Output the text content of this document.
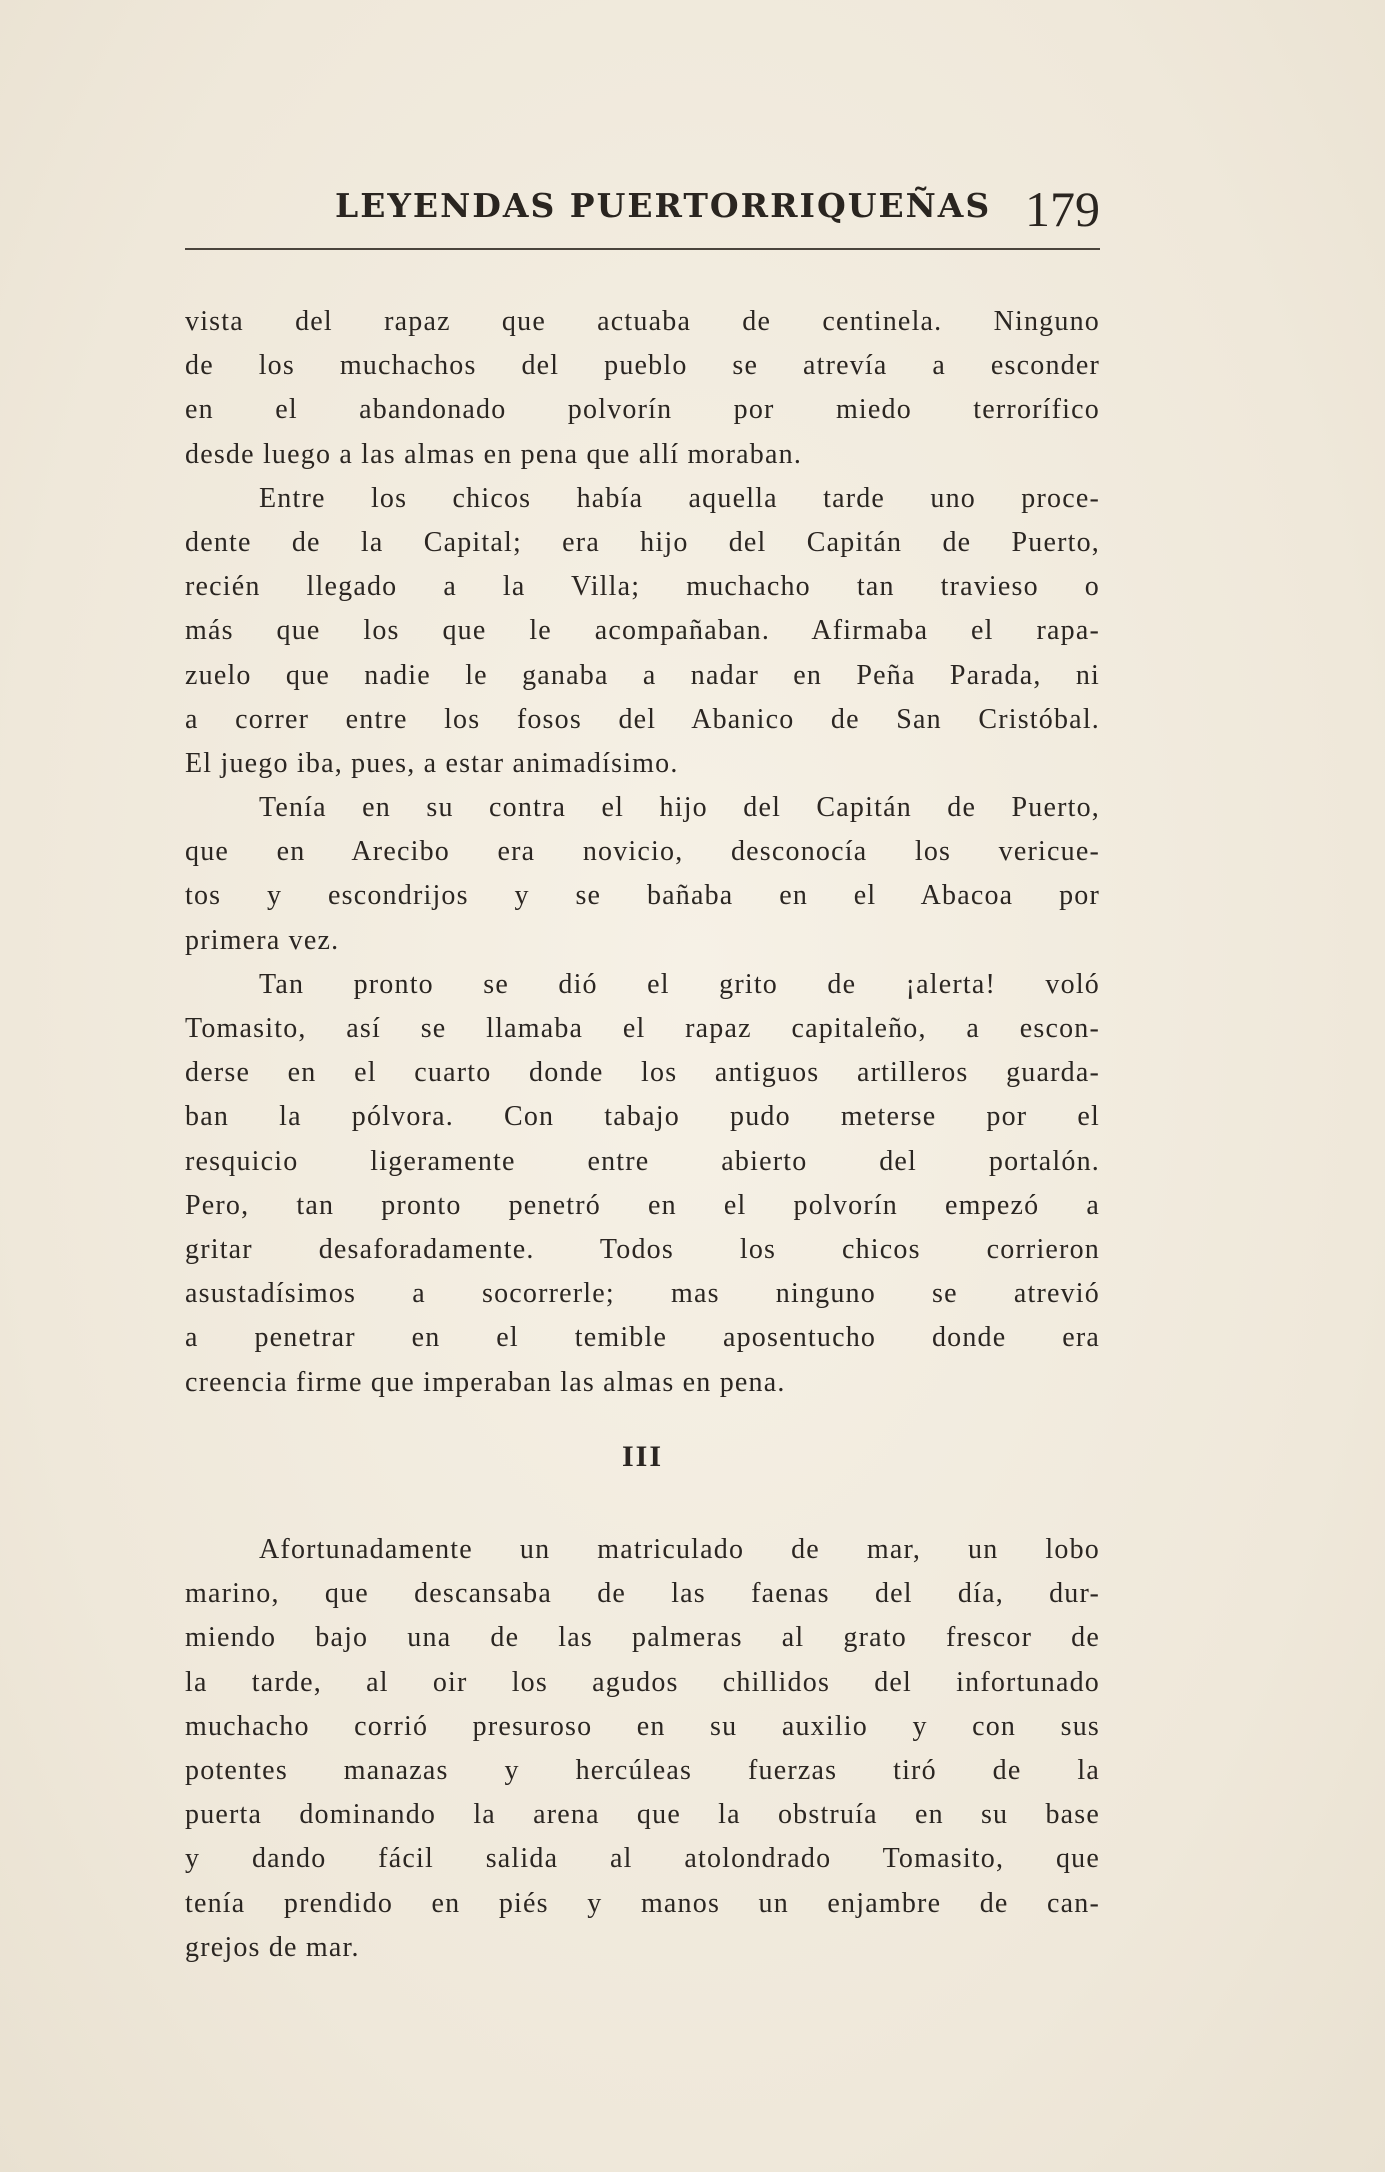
LEYENDAS PUERTORRIQUEÑAS 179
vista del rapaz que actuaba de centinela. Ninguno
de los muchachos del pueblo se atrevía a esconder
en el abandonado polvorín por miedo terrorífico
desde luego a las almas en pena que allí moraban.
Entre los chicos había aquella tarde uno proce-
dente de la Capital; era hijo del Capitán de Puerto,
recién llegado a la Villa; muchacho tan travieso o
más que los que le acompañaban. Afirmaba el rapa-
zuelo que nadie le ganaba a nadar en Peña Parada, ni
a correr entre los fosos del Abanico de San Cristóbal.
El juego iba, pues, a estar animadísimo.
Tenía en su contra el hijo del Capitán de Puerto,
que en Arecibo era novicio, desconocía los vericue-
tos y escondrijos y se bañaba en el Abacoa por
primera vez.
Tan pronto se dió el grito de ¡alerta! voló
Tomasito, así se llamaba el rapaz capitaleño, a escon-
derse en el cuarto donde los antiguos artilleros guarda-
ban la pólvora. Con tabajo pudo meterse por el
resquicio ligeramente entre abierto del portalón.
Pero, tan pronto penetró en el polvorín empezó a
gritar desaforadamente. Todos los chicos corrieron
asustadísimos a socorrerle; mas ninguno se atrevió
a penetrar en el temible aposentucho donde era
creencia firme que imperaban las almas en pena.
III
Afortunadamente un matriculado de mar, un lobo
marino, que descansaba de las faenas del día, dur-
miendo bajo una de las palmeras al grato frescor de
la tarde, al oir los agudos chillidos del infortunado
muchacho corrió presuroso en su auxilio y con sus
potentes manazas y hercúleas fuerzas tiró de la
puerta dominando la arena que la obstruía en su base
y dando fácil salida al atolondrado Tomasito, que
tenía prendido en piés y manos un enjambre de can-
grejos de mar.
